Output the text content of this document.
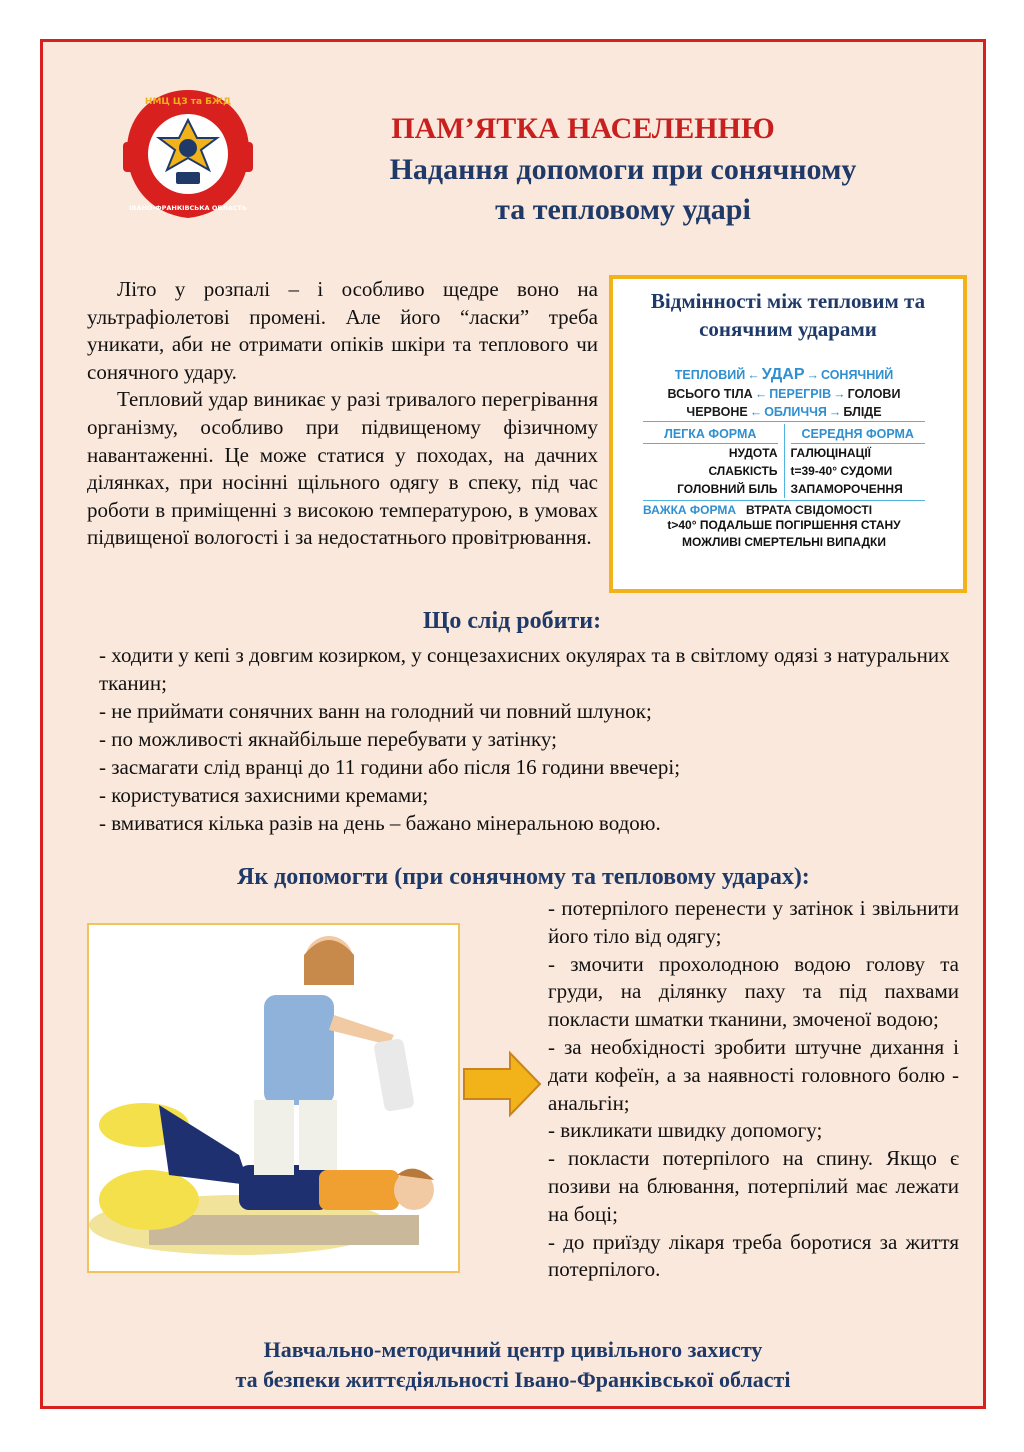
НМЦ ЦЗ та БЖД
ІВАНО-ФРАНКІВСЬКА ОБЛАСТЬ
ПАМ’ЯТКА НАСЕЛЕННЮ
Надання допомоги при сонячному
та тепловому ударі

Літо у розпалі – і особливо щедре воно на ультрафіолетові промені. Але його “ласки” треба уникати, аби не отримати опіків шкіри та теплового чи сонячного удару.

Тепловий удар виникає у разі тривалого перегрівання організму, особливо при підвищеному фізичному навантаженні. Це може статися у походах, на дачних ділянках, при носінні щільного одягу в спеку, під час роботи в приміщенні з високою температурою, в умовах підвищеної вологості і за недостатнього провітрювання.

Відмінності між тепловим та сонячним ударами
ТЕПЛОВИЙ ← УДАР → СОНЯЧНИЙ
ВСЬОГО ТІЛА ← ПЕРЕГРІВ → ГОЛОВИ
ЧЕРВОНЕ ← ОБЛИЧЧЯ → БЛІДЕ
ЛЕГКА ФОРМА
НУДОТА
СЛАБКІСТЬ
ГОЛОВНИЙ БІЛЬ
СЕРЕДНЯ ФОРМА
ГАЛЮЦІНАЦІЇ
t=39-40° СУДОМИ
ЗАПАМОРОЧЕННЯ
ВАЖКА ФОРМА ВТРАТА СВІДОМОСТІ
t>40° ПОДАЛЬШЕ ПОГІРШЕННЯ СТАНУ
МОЖЛИВІ СМЕРТЕЛЬНІ ВИПАДКИ
Що слід робити:
- ходити у кепі з довгим козирком, у сонцезахисних окулярах та в світлому одязі з натуральних тканин;
- не приймати сонячних ванн на голодний чи повний шлунок;
- по можливості якнайбільше перебувати у затінку;
- засмагати слід вранці до 11 години або після 16 години ввечері;
- користуватися захисними кремами;
- вмиватися кілька разів на день – бажано мінеральною водою.
Як допомогти (при сонячному та тепловому ударах):
- потерпілого перенести у затінок і звільнити його тіло від одягу;
- змочити прохолодною водою голову та груди, на ділянку паху та під пахвами покласти шматки тканини, змоченої водою;
- за необхідності зробити штучне дихання і дати кофеїн, а за наявності головного болю - анальгін;
- викликати швидку допомогу;
- покласти потерпілого на спину. Якщо є позиви на блювання, потерпілий має лежати на боці;
- до приїзду лікаря треба боротися за життя потерпілого.
Навчально-методичний центр цивільного захисту
та безпеки життєдіяльності Івано-Франківської області
